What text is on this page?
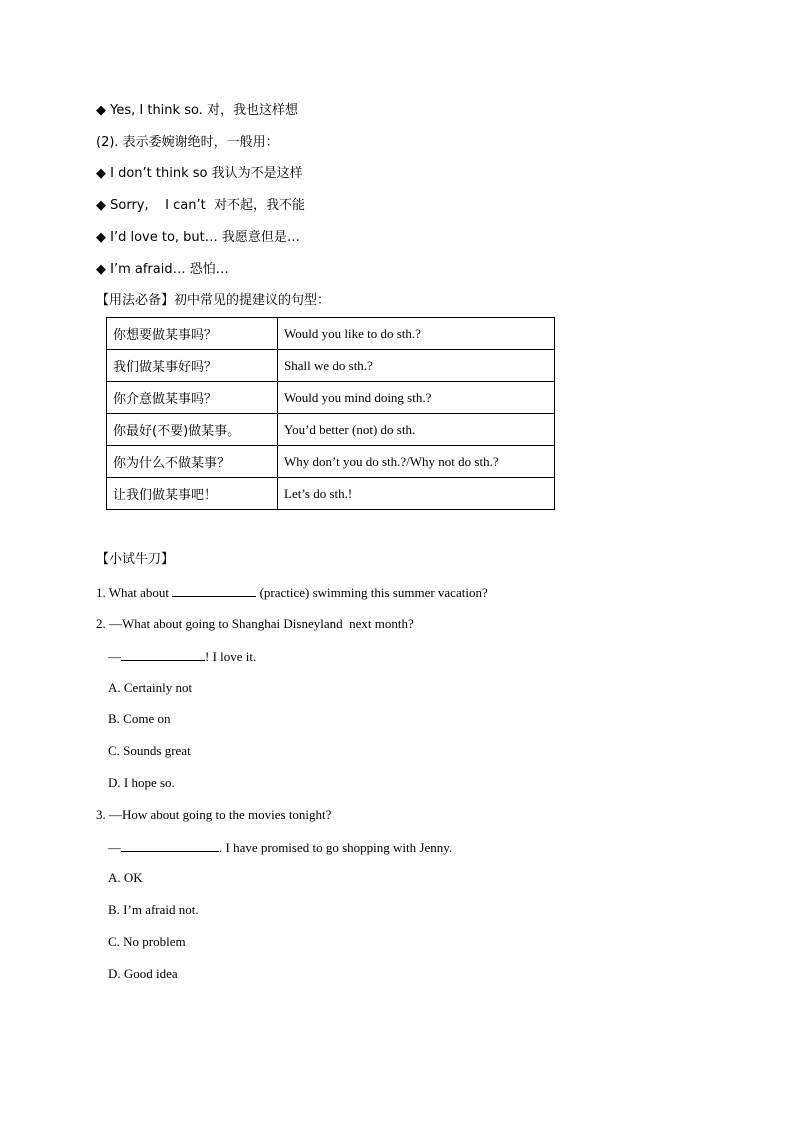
◆ Yes, I think so. 对，我也这样想
(2). 表示委婉谢绝时，一般用：
◆ I don’t think so 我认为不是这样
◆ Sorry,    I can’t  对不起，我不能
◆ I’d love to, but… 我愿意但是…
◆ I’m afraid… 恐怕…
【用法必备】初中常见的提建议的句型：
你想要做某事吗？	Would you like to do sth.?
我们做某事好吗？	Shall we do sth.?
你介意做某事吗？	Would you mind doing sth.?
你最好(不要)做某事。	You’d better (not) do sth.
你为什么不做某事？	Why don’t you do sth.?/Why not do sth.?
让我们做某事吧！	Let’s do sth.!
【小试牛刀】
1. What about	(practice) swimming this summer vacation?
2. —What about going to Shanghai Disneyland  next month?
—	! I love it.
A. Certainly not
B. Come on
C. Sounds great
D. I hope so.
3. —How about going to the movies tonight?
—	. I have promised to go shopping with Jenny.
A. OK
B. I’m afraid not.
C. No problem
D. Good idea
